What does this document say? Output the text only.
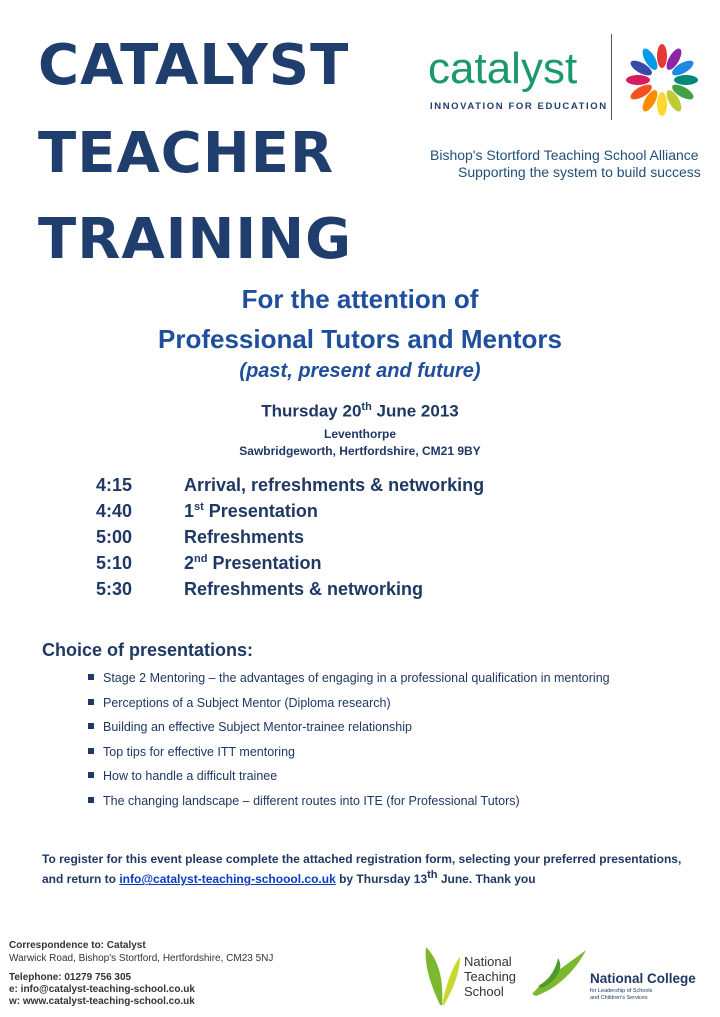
CATALYST
TEACHER
TRAINING
catalyst
INNOVATION FOR EDUCATION
Bishop's Stortford Teaching School Alliance
Supporting the system to build success
For the attention of
Professional Tutors and Mentors
(past, present and future)
Thursday 20th June 2013
Leventhorpe
Sawbridgeworth, Hertfordshire, CM21 9BY
4:15	Arrival, refreshments & networking
4:40	1st Presentation
5:00	Refreshments
5:10	2nd Presentation
5:30	Refreshments & networking
Choice of presentations:
Stage 2 Mentoring – the advantages of engaging in a professional qualification in mentoring
Perceptions of a Subject Mentor (Diploma research)
Building an effective Subject Mentor-trainee relationship
Top tips for effective ITT mentoring
How to handle a difficult trainee
The changing landscape – different routes into ITE (for Professional Tutors)
To register for this event please complete the attached registration form, selecting your preferred presentations, and return to info@catalyst-teaching-schoool.co.uk by Thursday 13th June. Thank you
Correspondence to: Catalyst
Warwick Road, Bishop's Stortford, Hertfordshire, CM23 5NJ
Telephone: 01279 756 305
e: info@catalyst-teaching-school.co.uk
w: www.catalyst-teaching-school.co.uk
National
Teaching
School
National College
for Leadership of Schools
and Children's Services
